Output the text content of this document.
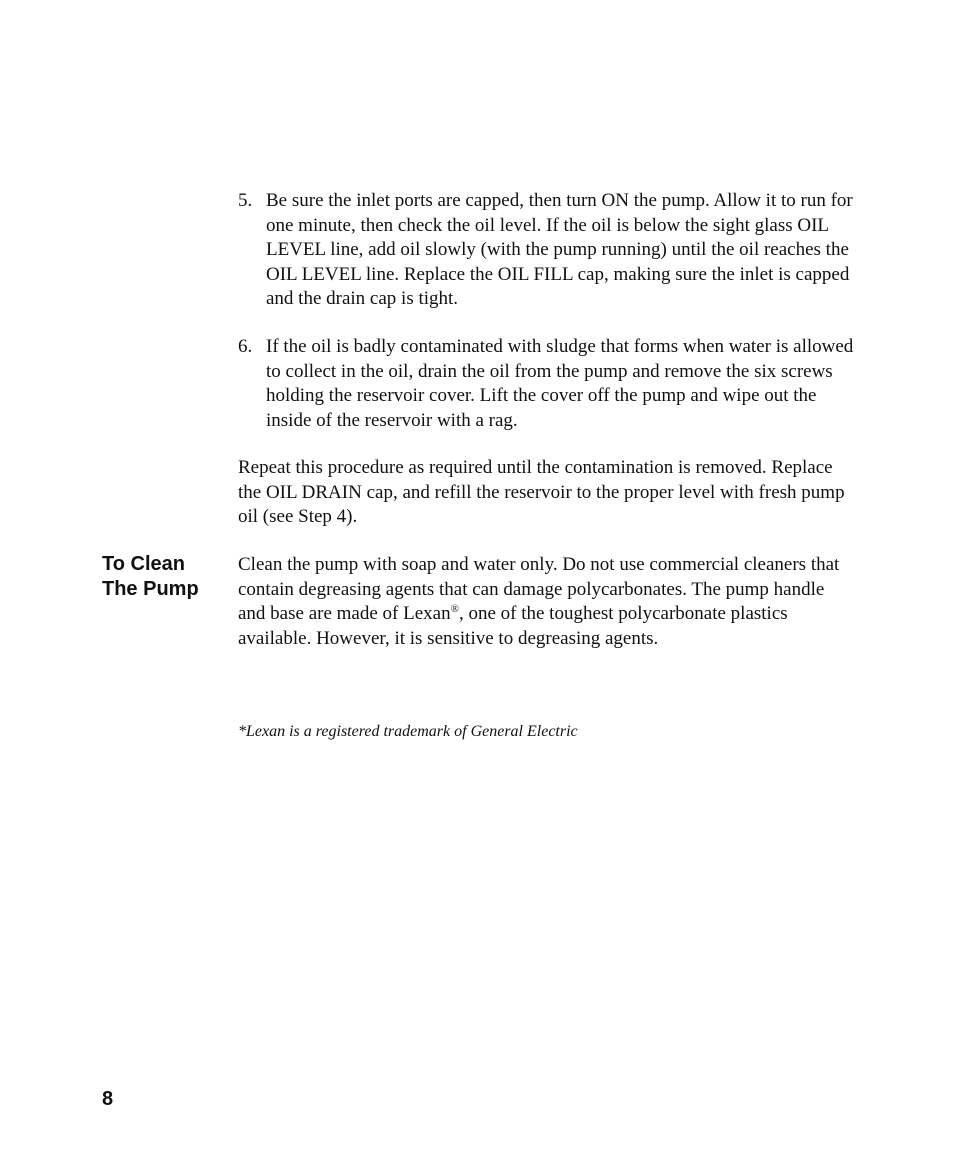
5. Be sure the inlet ports are capped, then turn ON the pump. Allow it to run for one minute, then check the oil level. If the oil is below the sight glass OIL LEVEL line, add oil slowly (with the pump running) until the oil reaches the OIL LEVEL line. Replace the OIL FILL cap, making sure the inlet is capped and the drain cap is tight.
6. If the oil is badly contaminated with sludge that forms when water is allowed to collect in the oil, drain the oil from the pump and remove the six screws holding the reservoir cover. Lift the cover off the pump and wipe out the inside of the reservoir with a rag.

Repeat this procedure as required until the contamination is removed. Replace the OIL DRAIN cap, and refill the reservoir to the proper level with fresh pump oil (see Step 4).

To Clean
The Pump

Clean the pump with soap and water only. Do not use commercial cleaners that contain degreasing agents that can damage polycarbonates. The pump handle and base are made of Lexan®, one of the toughest polycarbonate plastics available. However, it is sensitive to degreasing agents.

*Lexan is a registered trademark of General Electric

8
